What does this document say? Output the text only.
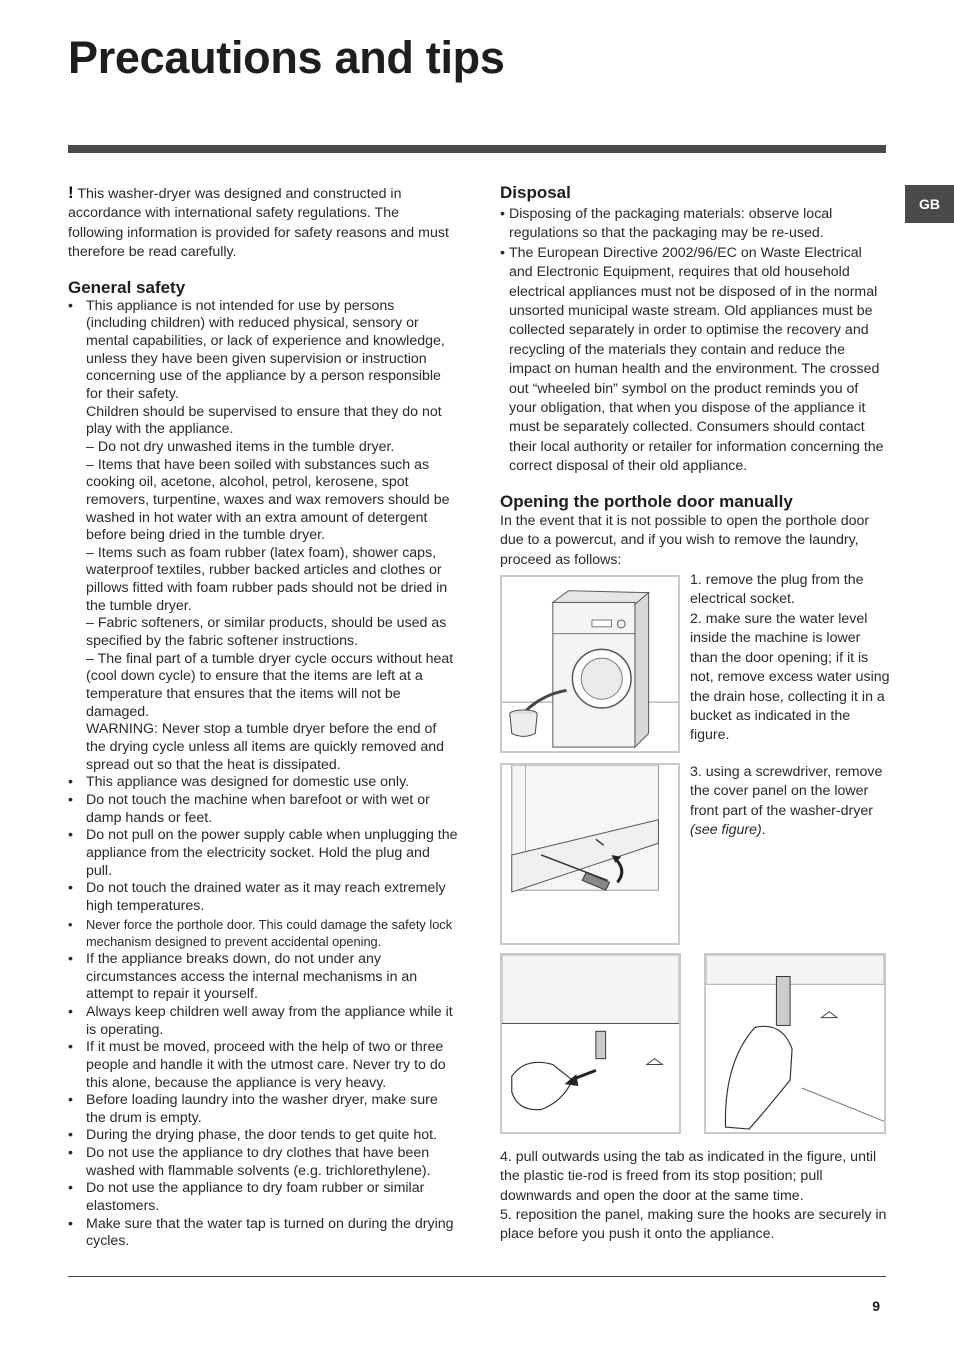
Precautions and tips
GB

! This washer-dryer was designed and constructed in accordance with international safety regulations. The following information is provided for safety reasons and must therefore be read carefully.

General safety
• This appliance is not intended for use by persons (including children) with reduced physical, sensory or mental capabilities, or lack of experience and knowledge, unless they have been given supervision or instruction concerning use of the appliance by a person responsible for their safety.
Children should be supervised to ensure that they do not play with the appliance.
– Do not dry unwashed items in the tumble dryer.
– Items that have been soiled with substances such as cooking oil, acetone, alcohol, petrol, kerosene, spot removers, turpentine, waxes and wax removers should be washed in hot water with an extra amount of detergent before being dried in the tumble dryer.
– Items such as foam rubber (latex foam), shower caps, waterproof textiles, rubber backed articles and clothes or pillows fitted with foam rubber pads should not be dried in the tumble dryer.
– Fabric softeners, or similar products, should be used as specified by the fabric softener instructions.
– The final part of a tumble dryer cycle occurs without heat (cool down cycle) to ensure that the items are left at a temperature that ensures that the items will not be damaged.
WARNING: Never stop a tumble dryer before the end of the drying cycle unless all items are quickly removed and spread out so that the heat is dissipated.
• This appliance was designed for domestic use only.
• Do not touch the machine when barefoot or with wet or damp hands or feet.
• Do not pull on the power supply cable when unplugging the appliance from the electricity socket. Hold the plug and pull.
• Do not touch the drained water as it may reach extremely high temperatures.
• Never force the porthole door. This could damage the safety lock mechanism designed to prevent accidental opening.
• If the appliance breaks down, do not under any circumstances access the internal mechanisms in an attempt to repair it yourself.
• Always keep children well away from the appliance while it is operating.
• If it must be moved, proceed with the help of two or three people and handle it with the utmost care. Never try to do this alone, because the appliance is very heavy.
• Before loading laundry into the washer dryer, make sure the drum is empty.
• During the drying phase, the door tends to get quite hot.
• Do not use the appliance to dry clothes that have been washed with flammable solvents (e.g. trichlorethylene).
• Do not use the appliance to dry foam rubber or similar elastomers.
• Make sure that the water tap is turned on during the drying cycles.
Disposal
• Disposing of the packaging materials: observe local regulations so that the packaging may be re-used.
• The European Directive 2002/96/EC on Waste Electrical and Electronic Equipment, requires that old household electrical appliances must not be disposed of in the normal unsorted municipal waste stream. Old appliances must be collected separately in order to optimise the recovery and recycling of the materials they contain and reduce the impact on human health and the environment. The crossed out “wheeled bin” symbol on the product reminds you of your obligation, that when you dispose of the appliance it must be separately collected. Consumers should contact their local authority or retailer for information concerning the correct disposal of their old appliance.
Opening the porthole door manually

In the event that it is not possible to open the porthole door due to a powercut, and if you wish to remove the laundry, proceed as follows:

1. remove the plug from the electrical socket.
2. make sure the water level inside the machine is lower than the door opening; if it is not, remove excess water using the drain hose, collecting it in a bucket as indicated in the figure.
3. using a screwdriver, remove the cover panel on the lower front part of the washer-dryer (see figure).
4. pull outwards using the tab as indicated in the figure, until the plastic tie-rod is freed from its stop position; pull downwards and open the door at the same time.
5. reposition the panel, making sure the hooks are securely in place before you push it onto the appliance.
9
